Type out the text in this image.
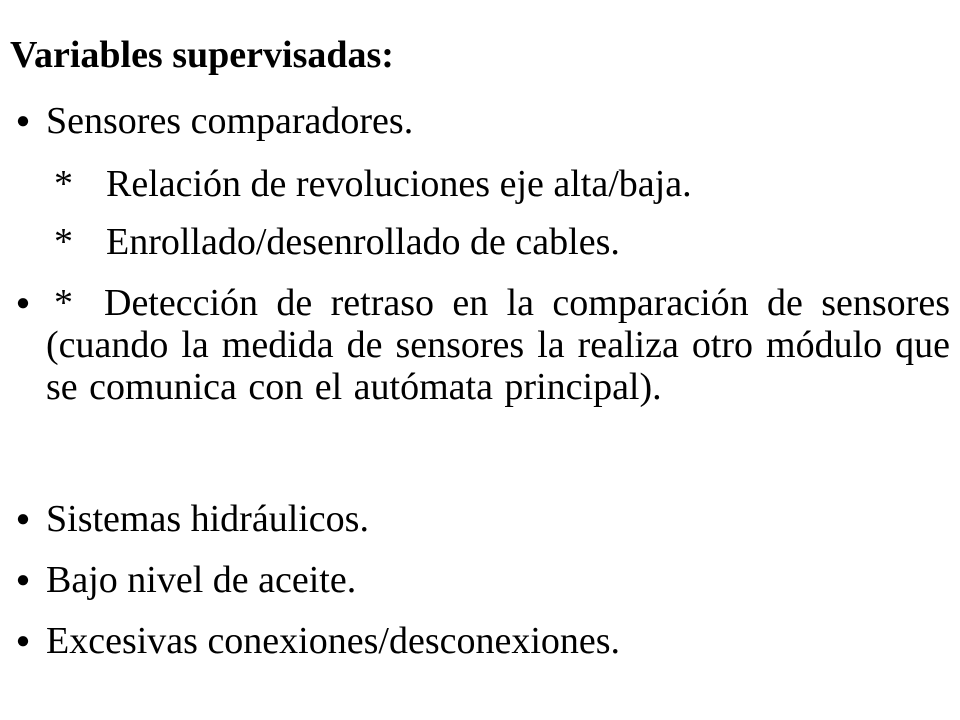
Variables supervisadas:
● Sensores comparadores.
* Relación de revoluciones eje alta/baja.
* Enrollado/desenrollado de cables.
● * Detección de retraso en la comparación de sensores (cuando la medida de sensores la realiza otro módulo que se comunica con el autómata principal).
● Sistemas hidráulicos.
● Bajo nivel de aceite.
● Excesivas conexiones/desconexiones.
